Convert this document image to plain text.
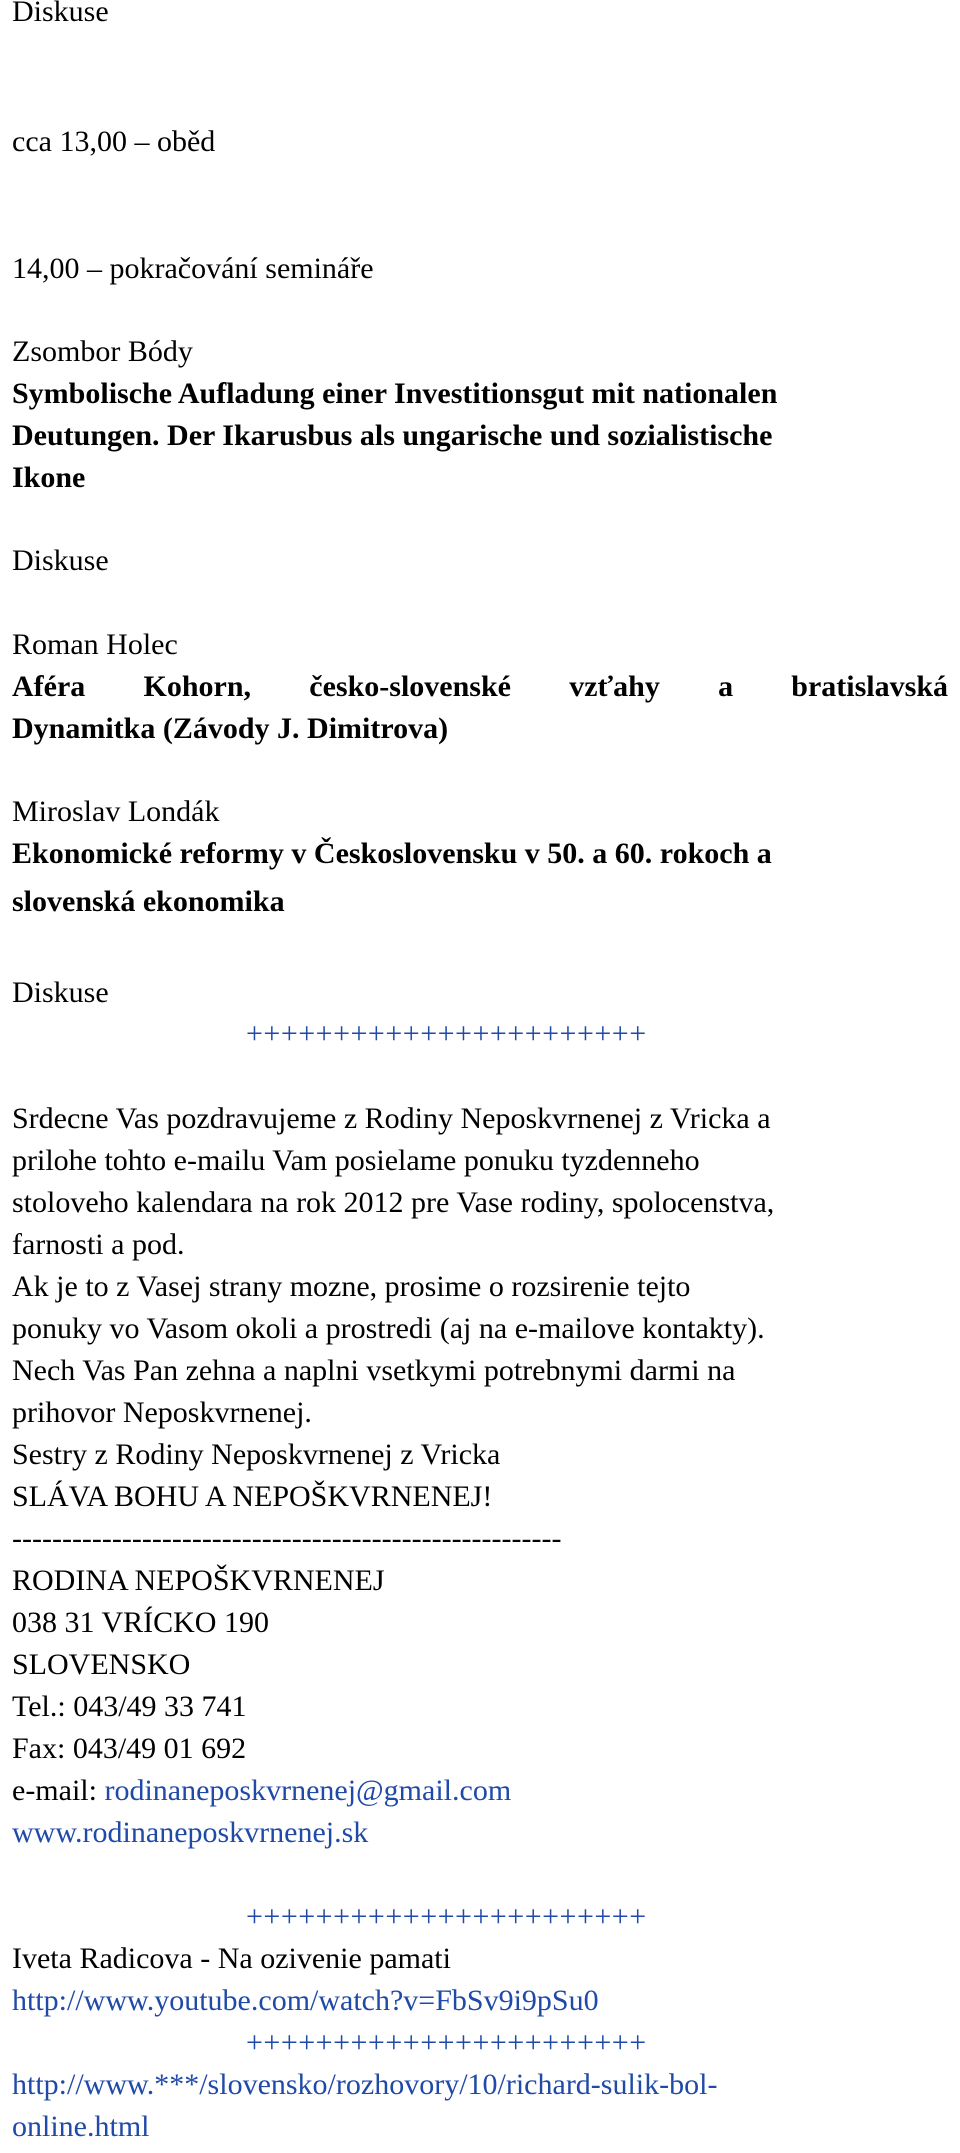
Diskuse
cca 13,00 – oběd
14,00 – pokračování semináře
Zsombor Bódy
Symbolische Aufladung einer Investitionsgut mit nationalen
Deutungen. Der Ikarusbus als ungarische und sozialistische
Ikone
Diskuse
Roman Holec
Aféra Kohorn, česko-slovenské vzťahy a bratislavská
Dynamitka (Závody J. Dimitrova)
Miroslav Londák
Ekonomické reformy v Československu v 50. a 60. rokoch a
slovenská ekonomika
Diskuse
+++++++++++++++++++++++
Srdecne Vas pozdravujeme z Rodiny Neposkvrnenej z Vricka a
prilohe tohto e-mailu Vam posielame ponuku tyzdenneho
stoloveho kalendara na rok 2012 pre Vase rodiny, spolocenstva,
farnosti a pod.
Ak je to z Vasej strany mozne, prosime o rozsirenie tejto
ponuky vo Vasom okoli a prostredi (aj na e-mailove kontakty).
Nech Vas Pan zehna a naplni vsetkymi potrebnymi darmi na
prihovor Neposkvrnenej.
Sestry z Rodiny Neposkvrnenej z Vricka
SLÁVA BOHU A NEPOŠKVRNENEJ!
-------------------------------------------------------
RODINA NEPOŠKVRNENEJ
038 31 VRÍCKO 190
SLOVENSKO
Tel.: 043/49 33 741
Fax: 043/49 01 692
e-mail: rodinaneposkvrnenej@gmail.com
www.rodinaneposkvrnenej.sk
+++++++++++++++++++++++
Iveta Radicova - Na ozivenie pamati
http://www.youtube.com/watch?v=FbSv9i9pSu0
+++++++++++++++++++++++
http://www.***/slovensko/rozhovory/10/richard-sulik-bol-
online.html
